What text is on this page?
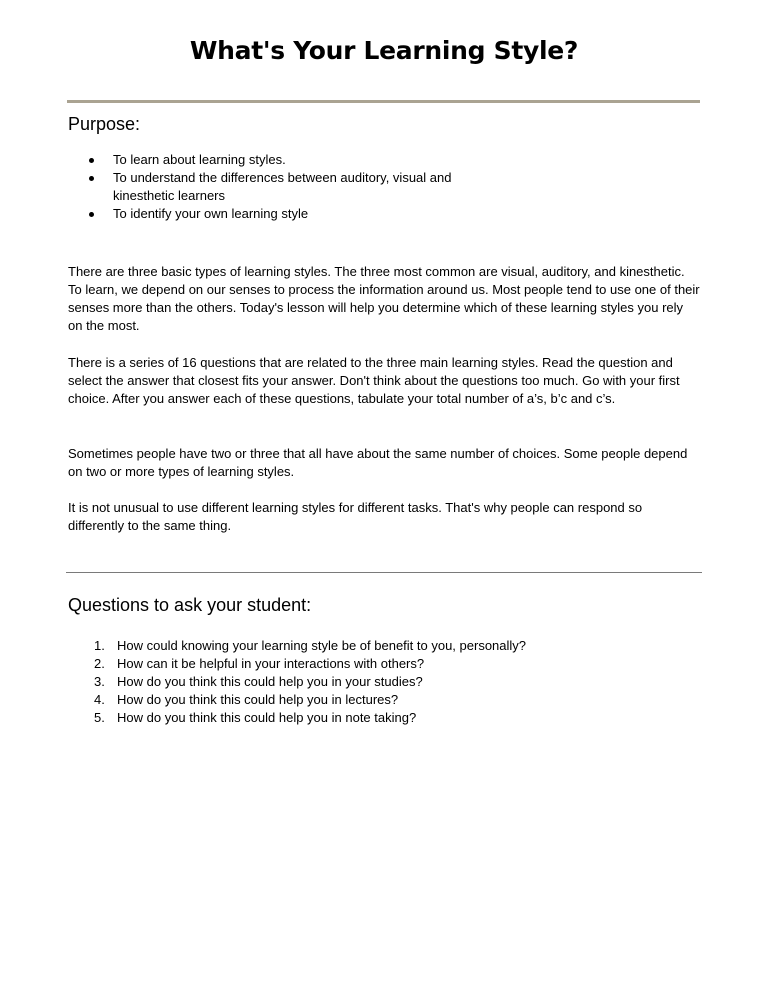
What's Your Learning Style?
Purpose:
To learn about learning styles.
To understand the differences between auditory, visual and kinesthetic learners
To identify your own learning style

There are three basic types of learning styles. The three most common are visual, auditory, and kinesthetic. To learn, we depend on our senses to process the information around us. Most people tend to use one of their senses more than the others. Today's lesson will help you determine which of these learning styles you rely on the most.

There is a series of 16 questions that are related to the three main learning styles. Read the question and select the answer that closest fits your answer. Don't think about the questions too much. Go with your first choice. After you answer each of these questions, tabulate your total number of a’s, b’c and c’s.

Sometimes people have two or three that all have about the same number of choices. Some people depend on two or more types of learning styles.

It is not unusual to use different learning styles for different tasks. That's why people can respond so differently to the same thing.

Questions to ask your student:
1. How could knowing your learning style be of benefit to you, personally?
2. How can it be helpful in your interactions with others?
3. How do you think this could help you in your studies?
4. How do you think this could help you in lectures?
5. How do you think this could help you in note taking?
